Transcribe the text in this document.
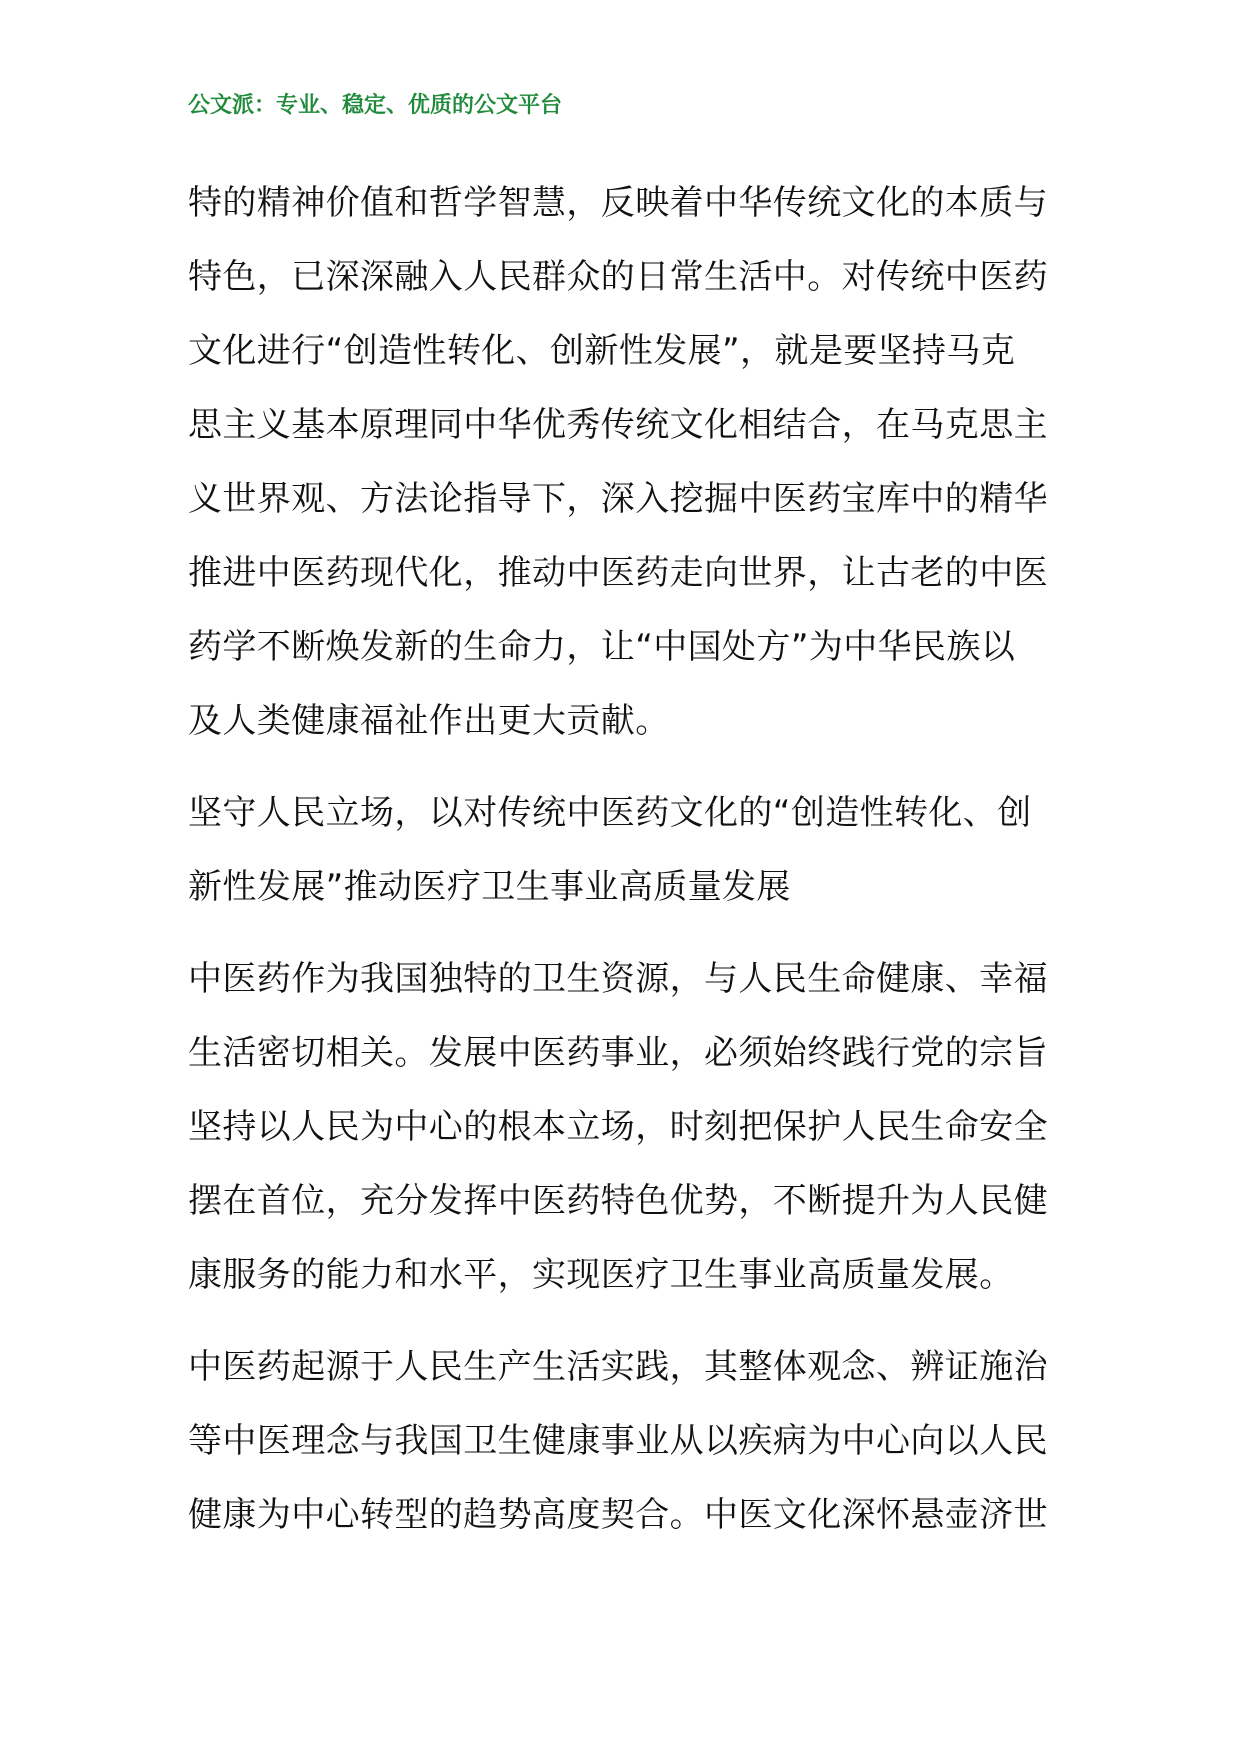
公文派：专业、稳定、优质的公文平台
特的精神价值和哲学智慧，反映着中华传统文化的本质与
特色，已深深融入人民群众的日常生活中。对传统中医药
文化进行“创造性转化、创新性发展”，就是要坚持马克
思主义基本原理同中华优秀传统文化相结合，在马克思主
义世界观、方法论指导下，深入挖掘中医药宝库中的精华
推进中医药现代化，推动中医药走向世界，让古老的中医
药学不断焕发新的生命力，让“中国处方”为中华民族以
及人类健康福祉作出更大贡献。
坚守人民立场，以对传统中医药文化的“创造性转化、创
新性发展”推动医疗卫生事业高质量发展
中医药作为我国独特的卫生资源，与人民生命健康、幸福
生活密切相关。发展中医药事业，必须始终践行党的宗旨
坚持以人民为中心的根本立场，时刻把保护人民生命安全
摆在首位，充分发挥中医药特色优势，不断提升为人民健
康服务的能力和水平，实现医疗卫生事业高质量发展。
中医药起源于人民生产生活实践，其整体观念、辨证施治
等中医理念与我国卫生健康事业从以疾病为中心向以人民
健康为中心转型的趋势高度契合。中医文化深怀悬壶济世
